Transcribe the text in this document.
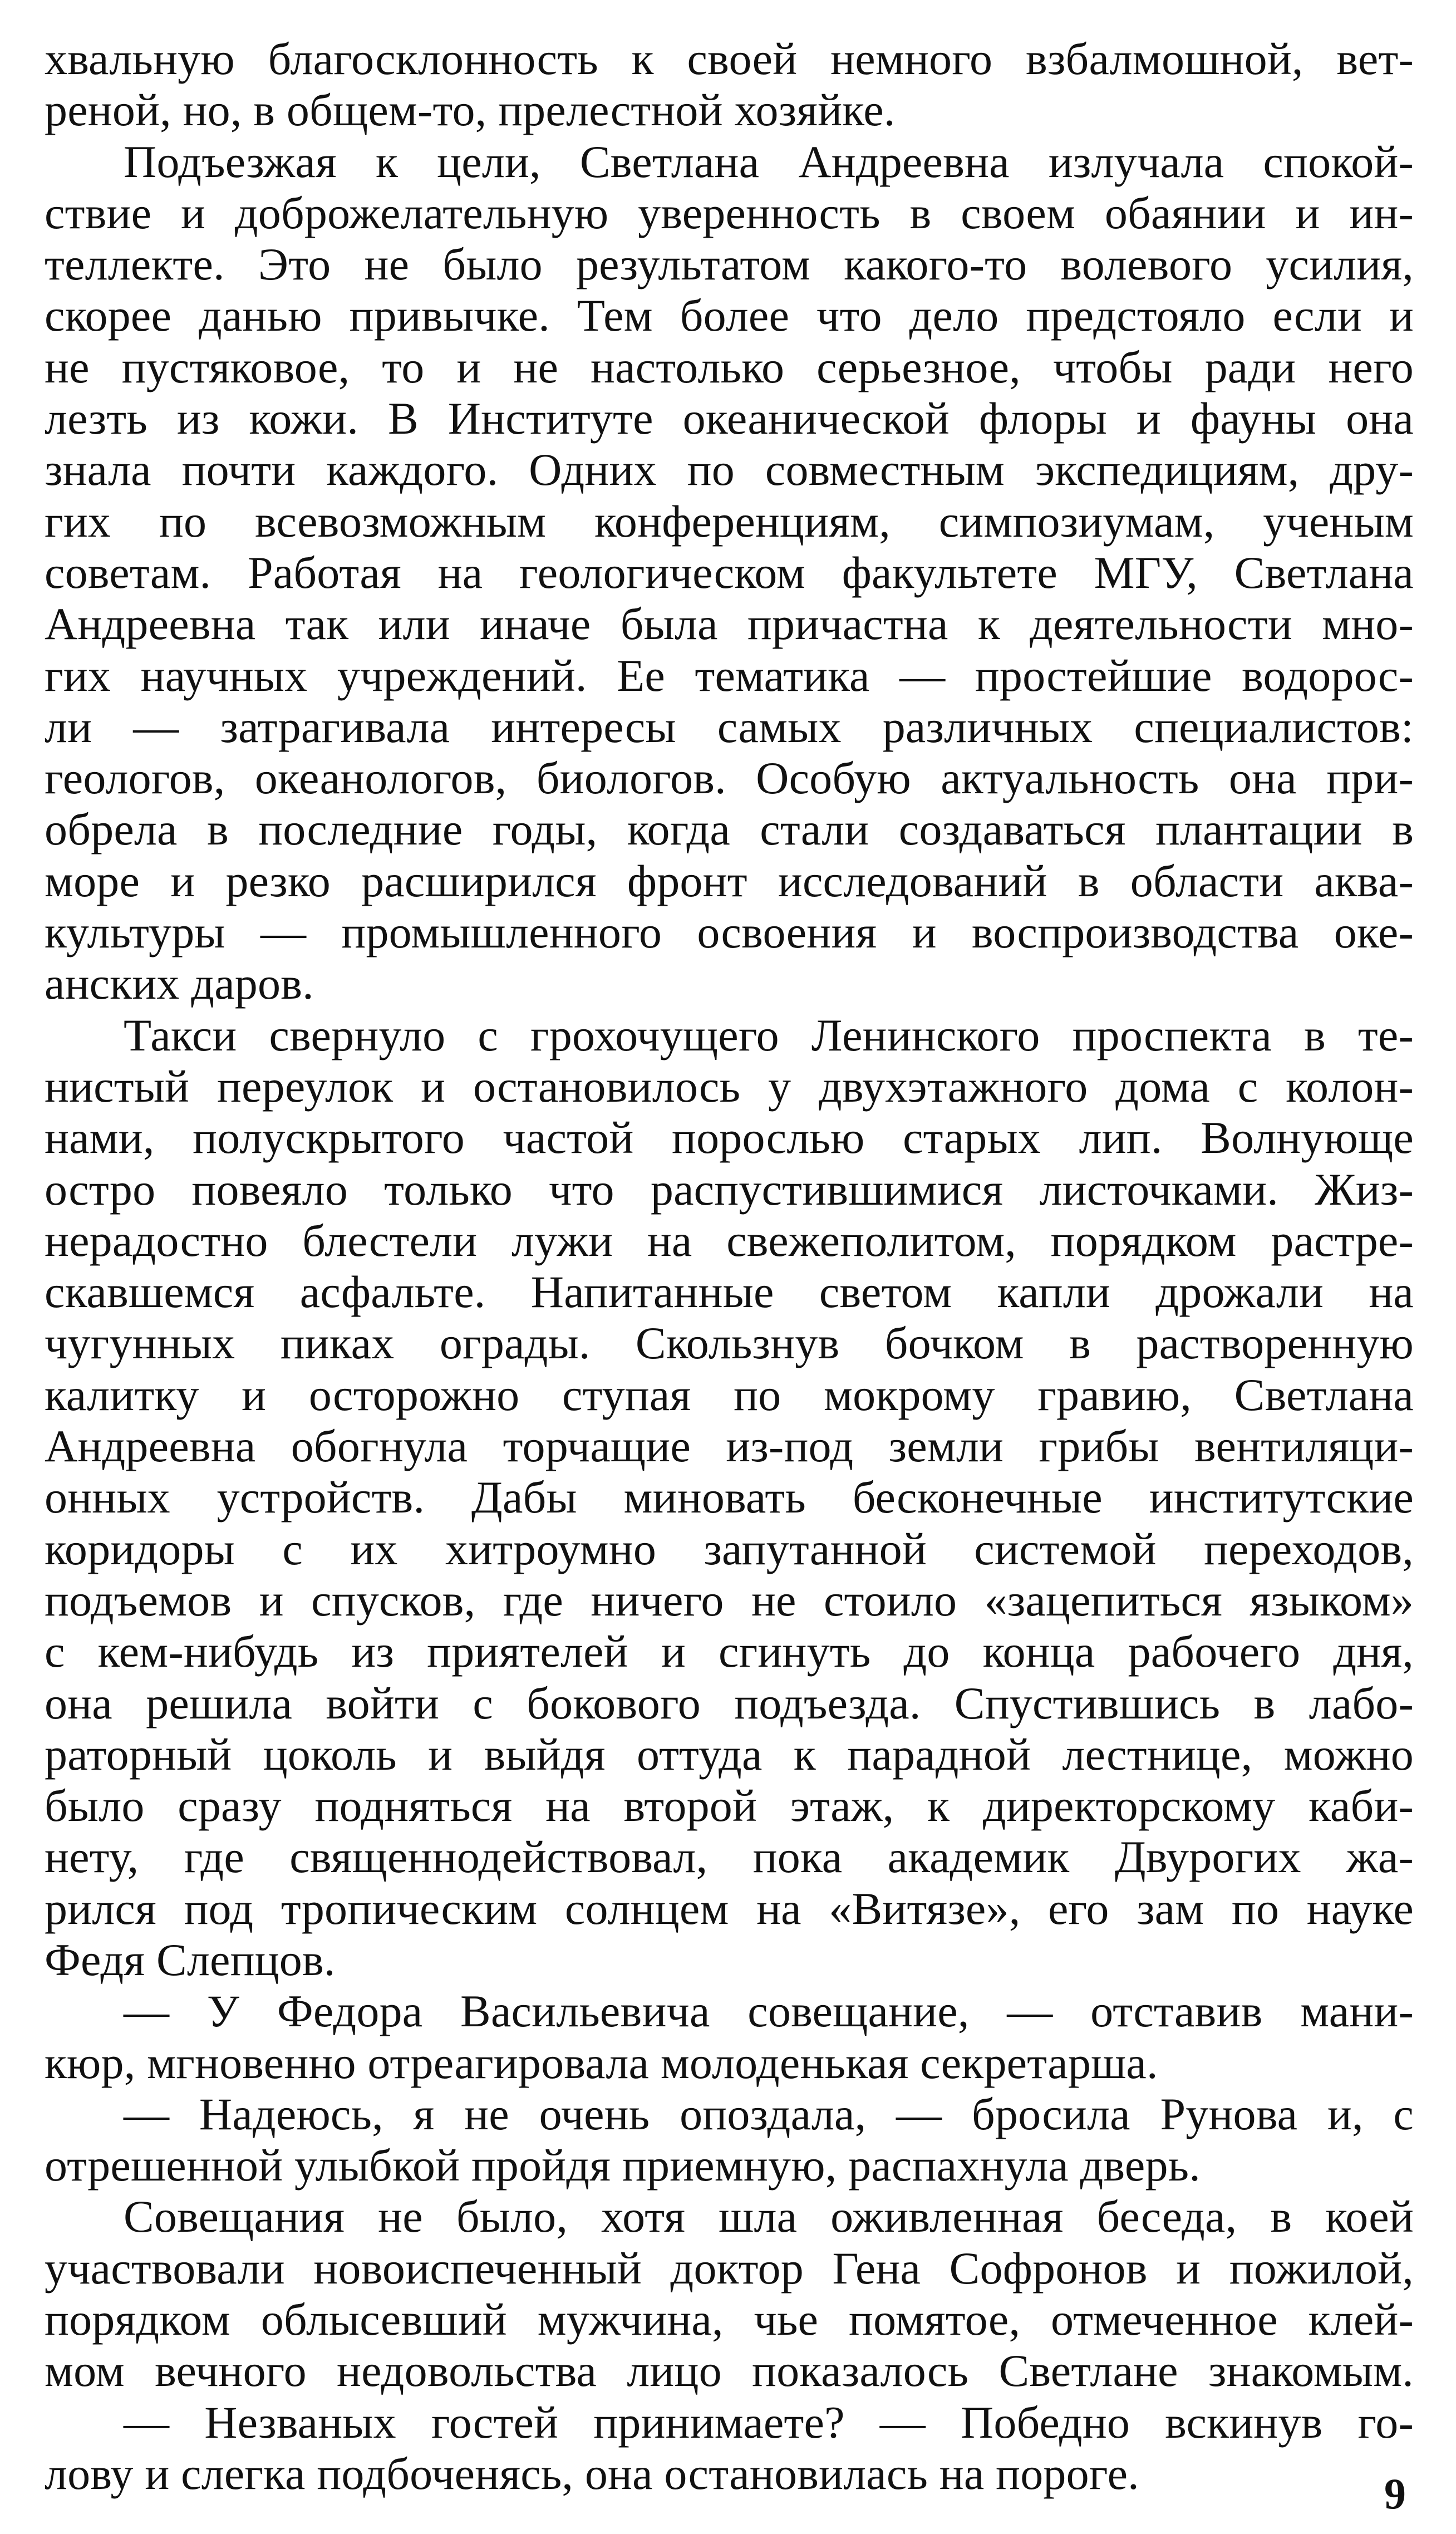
хвальную благосклонность к своей немного взбалмошной, вет-
реной, но, в общем-то, прелестной хозяйке.
Подъезжая к цели, Светлана Андреевна излучала спокой-
ствие и доброжелательную уверенность в своем обаянии и ин-
теллекте. Это не было результатом какого-то волевого усилия,
скорее данью привычке. Тем более что дело предстояло если и
не пустяковое, то и не настолько серьезное, чтобы ради него
лезть из кожи. В Институте океанической флоры и фауны она
знала почти каждого. Одних по совместным экспедициям, дру-
гих по всевозможным конференциям, симпозиумам, ученым
советам. Работая на геологическом факультете МГУ, Светлана
Андреевна так или иначе была причастна к деятельности мно-
гих научных учреждений. Ее тематика — простейшие водорос-
ли — затрагивала интересы самых различных специалистов:
геологов, океанологов, биологов. Особую актуальность она при-
обрела в последние годы, когда стали создаваться плантации в
море и резко расширился фронт исследований в области аква-
культуры — промышленного освоения и воспроизводства оке-
анских даров.
Такси свернуло с грохочущего Ленинского проспекта в те-
нистый переулок и остановилось у двухэтажного дома с колон-
нами, полускрытого частой порослью старых лип. Волнующе
остро повеяло только что распустившимися листочками. Жиз-
нерадостно блестели лужи на свежеполитом, порядком растре-
скавшемся асфальте. Напитанные светом капли дрожали на
чугунных пиках ограды. Скользнув бочком в растворенную
калитку и осторожно ступая по мокрому гравию, Светлана
Андреевна обогнула торчащие из-под земли грибы вентиляци-
онных устройств. Дабы миновать бесконечные институтские
коридоры с их хитроумно запутанной системой переходов,
подъемов и спусков, где ничего не стоило «зацепиться языком»
с кем-нибудь из приятелей и сгинуть до конца рабочего дня,
она решила войти с бокового подъезда. Спустившись в лабо-
раторный цоколь и выйдя оттуда к парадной лестнице, можно
было сразу подняться на второй этаж, к директорскому каби-
нету, где священнодействовал, пока академик Двурогих жа-
рился под тропическим солнцем на «Витязе», его зам по науке
Федя Слепцов.
— У Федора Васильевича совещание, — отставив мани-
кюр, мгновенно отреагировала молоденькая секретарша.
— Надеюсь, я не очень опоздала, — бросила Рунова и, с
отрешенной улыбкой пройдя приемную, распахнула дверь.
Совещания не было, хотя шла оживленная беседа, в коей
участвовали новоиспеченный доктор Гена Софронов и пожилой,
порядком облысевший мужчина, чье помятое, отмеченное клей-
мом вечного недовольства лицо показалось Светлане знакомым.
— Незваных гостей принимаете? — Победно вскинув го-
лову и слегка подбоченясь, она остановилась на пороге.	9
